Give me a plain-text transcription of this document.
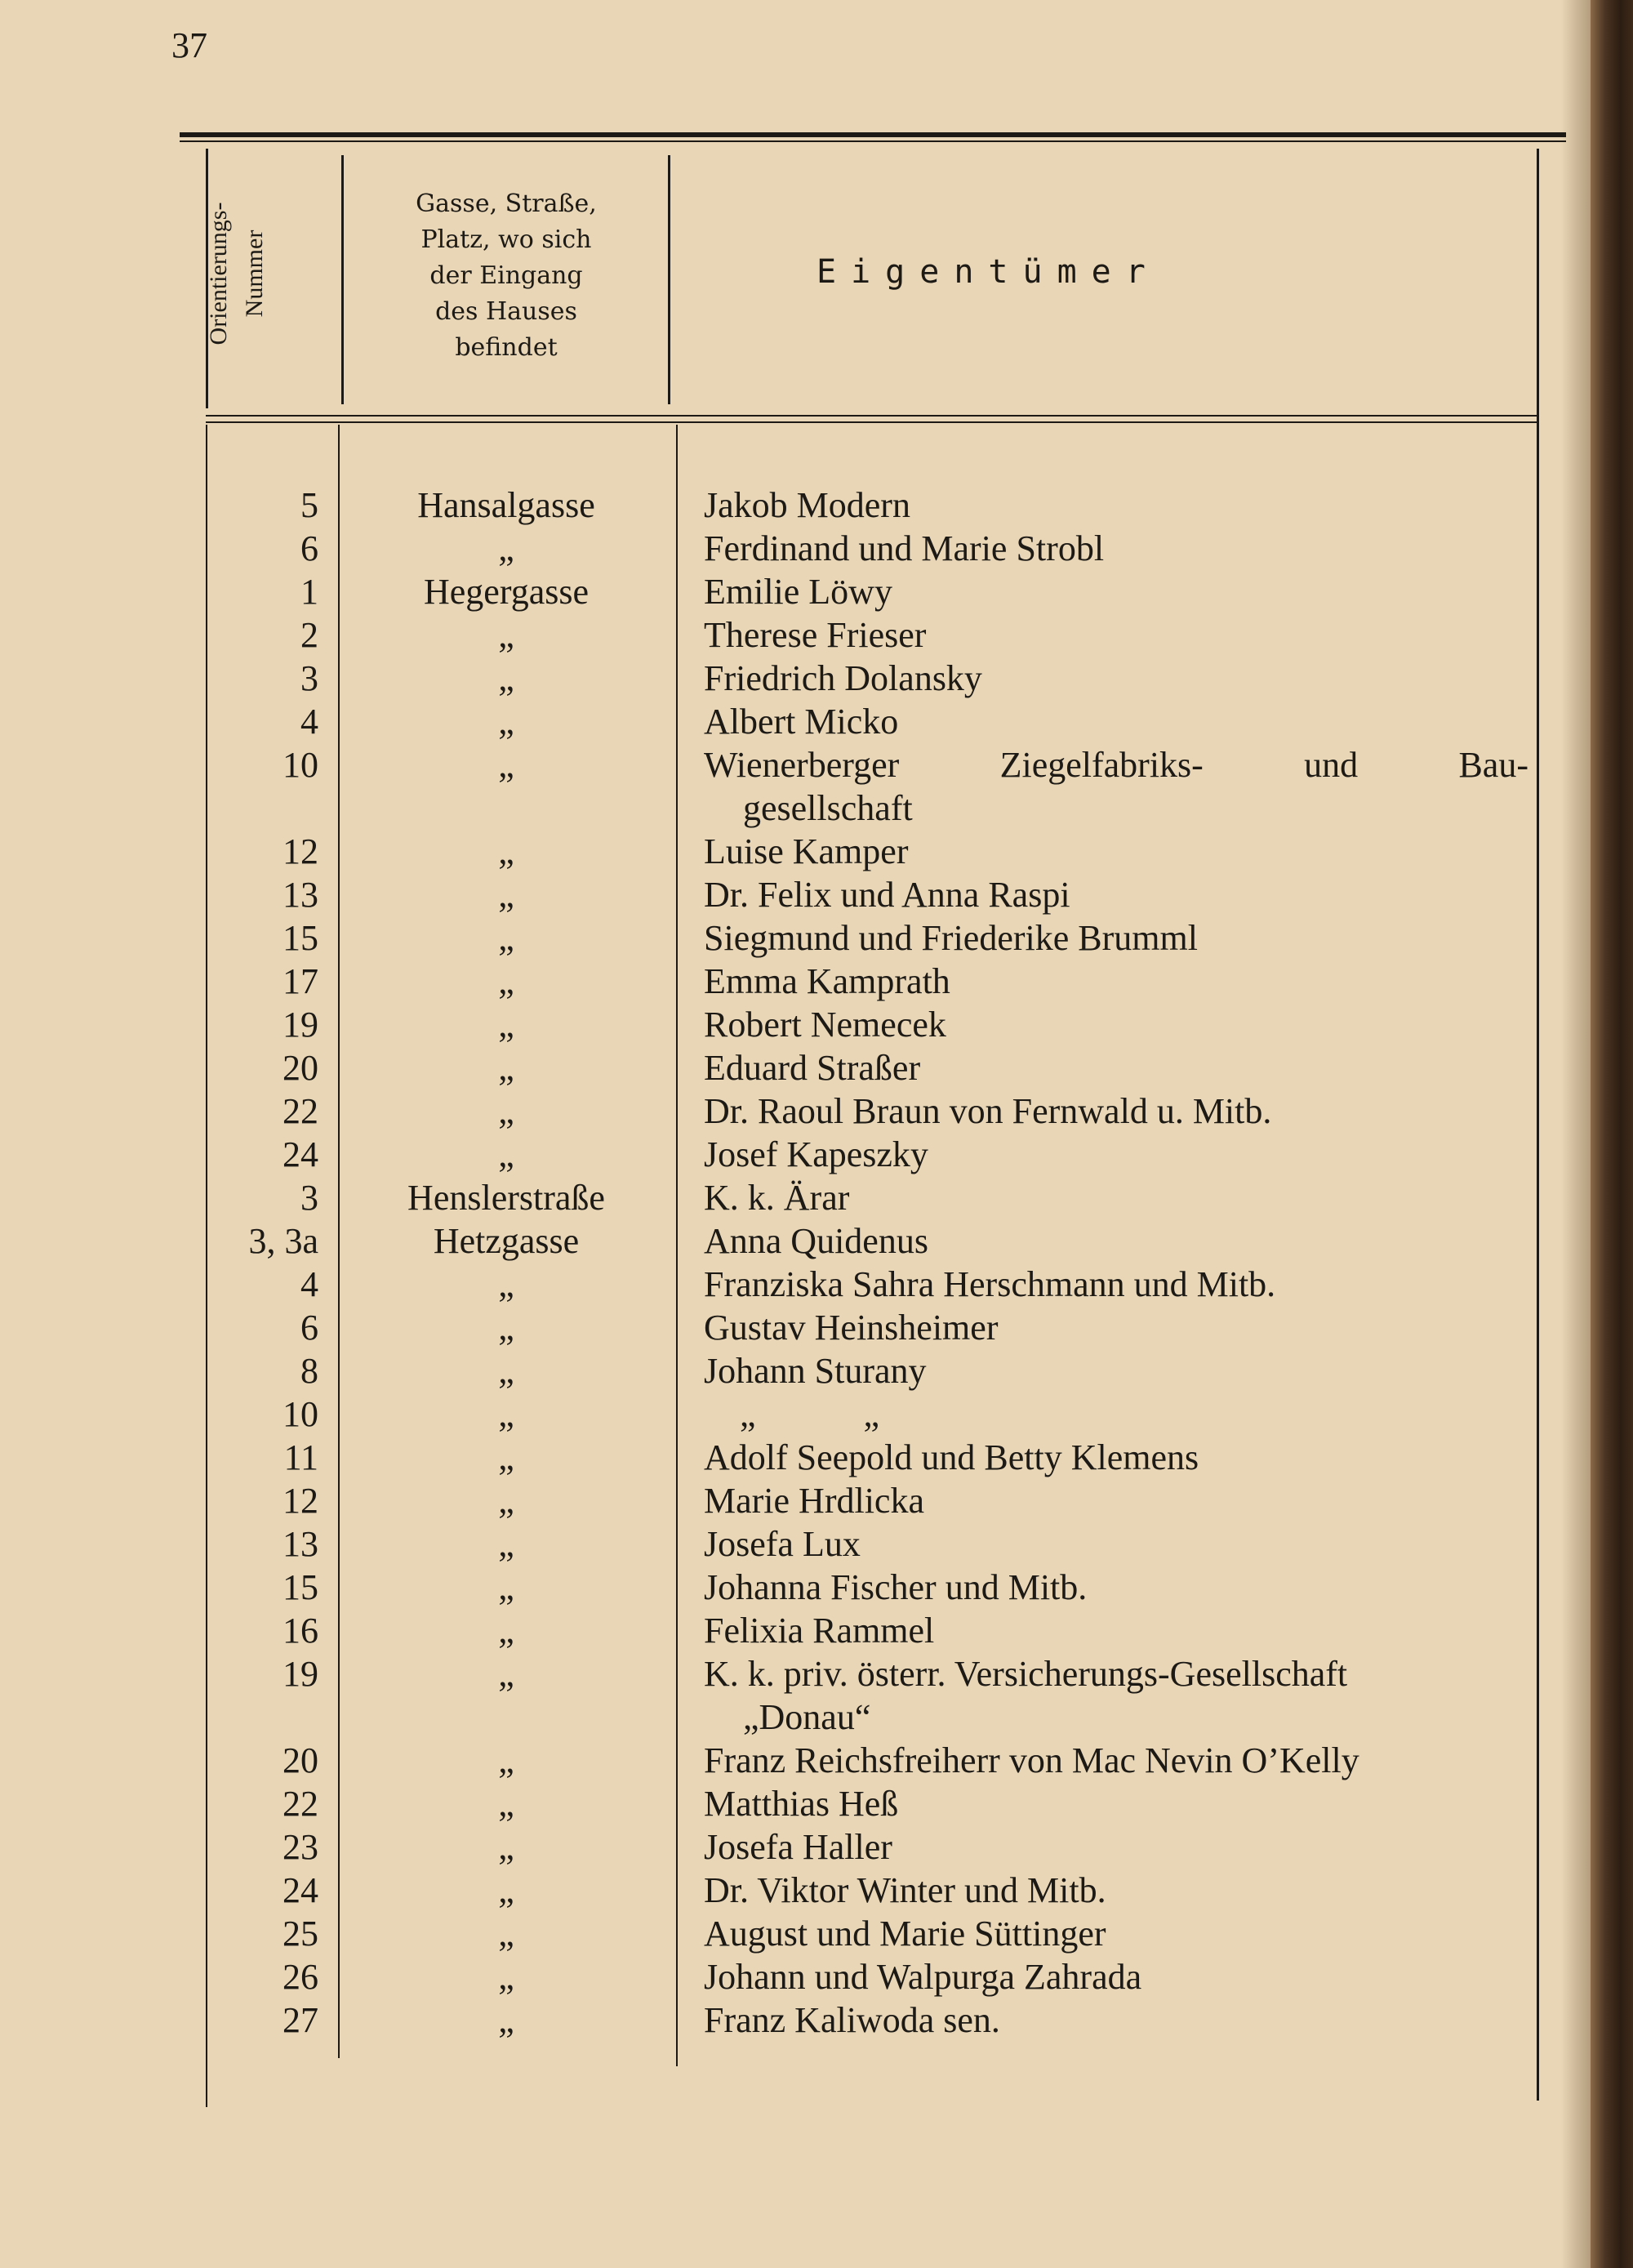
37
Orientierungs- Nummer
Gasse, Straße,
Platz, wo sich
der Eingang
des Hauses
befindet
Eigentümer
5	Hansalgasse	Jakob Modern
6	„	Ferdinand und Marie Strobl
1	Hegergasse	Emilie Löwy
2	„	Therese Frieser
3	„	Friedrich Dolansky
4	„	Albert Micko
10	„	Wienerberger Ziegelfabriks- und Bau-
gesellschaft
12	„	Luise Kamper
13	„	Dr. Felix und Anna Raspi
15	„	Siegmund und Friederike Brumml
17	„	Emma Kamprath
19	„	Robert Nemecek
20	„	Eduard Straßer
22	„	Dr. Raoul Braun von Fernwald u. Mitb.
24	„	Josef Kapeszky
3	Henslerstraße	K. k. Ärar
3, 3a	Hetzgasse	Anna Quidenus
4	„	Franziska Sahra Herschmann und Mitb.
6	„	Gustav Heinsheimer
8	„	Johann Sturany
10	„	„            „
11	„	Adolf Seepold und Betty Klemens
12	„	Marie Hrdlicka
13	„	Josefa Lux
15	„	Johanna Fischer und Mitb.
16	„	Felixia Rammel
19	„	K. k. priv. österr. Versicherungs-Gesellschaft
„Donau“
20	„	Franz Reichsfreiherr von Mac Nevin O’Kelly
22	„	Matthias Heß
23	„	Josefa Haller
24	„	Dr. Viktor Winter und Mitb.
25	„	August und Marie Süttinger
26	„	Johann und Walpurga Zahrada
27	„	Franz Kaliwoda sen.
